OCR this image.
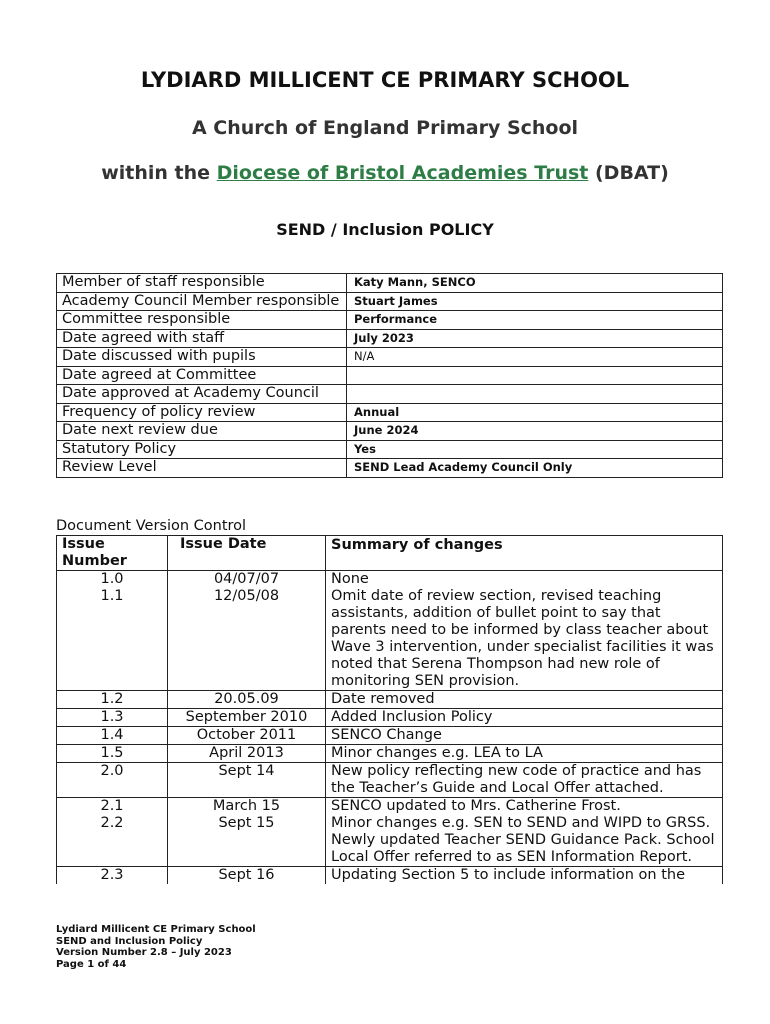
LYDIARD MILLICENT CE PRIMARY SCHOOL
A Church of England Primary School
within the Diocese of Bristol Academies Trust (DBAT)
SEND / Inclusion POLICY
Member of staff responsible	Katy Mann, SENCO
Academy Council Member responsible	Stuart James
Committee responsible	Performance
Date agreed with staff	July 2023
Date discussed with pupils	N/A
Date agreed at Committee	
Date approved at Academy Council	
Frequency of policy review	Annual
Date next review due	June 2024
Statutory Policy	Yes
Review Level	SEND Lead Academy Council Only

Document Version Control

Issue Number	Issue Date	Summary of changes
1.0	04/07/07	None
1.1	12/05/08	Omit date of review section, revised teaching assistants, addition of bullet point to say that parents need to be informed by class teacher about Wave 3 intervention, under specialist facilities it was noted that Serena Thompson had new role of monitoring SEN provision.
1.2	20.05.09	Date removed
1.3	September 2010	Added Inclusion Policy
1.4	October 2011	SENCO Change
1.5	April 2013	Minor changes e.g. LEA to LA
2.0	Sept 14	New policy reflecting new code of practice and has the Teacher’s Guide and Local Offer attached.
2.1	March 15	SENCO updated to Mrs. Catherine Frost.
2.2	Sept 15	Minor changes e.g. SEN to SEND and WIPD to GRSS. Newly updated Teacher SEND Guidance Pack. School Local Offer referred to as SEN Information Report.
2.3	Sept 16	Updating Section 5 to include information on the
Lydiard Millicent CE Primary School
SEND and Inclusion Policy
Version Number 2.8 – July 2023
Page 1 of 44
